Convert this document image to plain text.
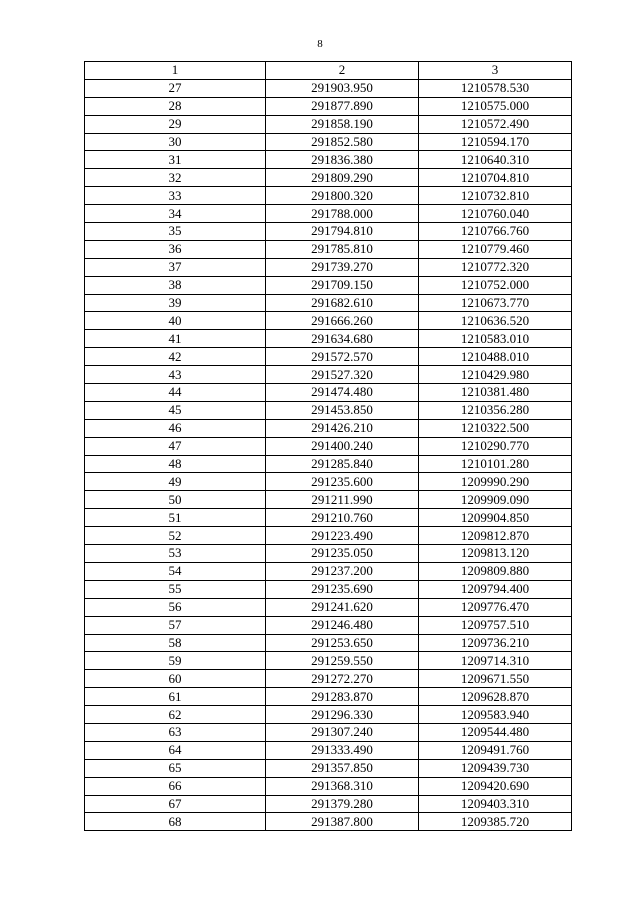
8
1	2	3
27	291903.950	1210578.530
28	291877.890	1210575.000
29	291858.190	1210572.490
30	291852.580	1210594.170
31	291836.380	1210640.310
32	291809.290	1210704.810
33	291800.320	1210732.810
34	291788.000	1210760.040
35	291794.810	1210766.760
36	291785.810	1210779.460
37	291739.270	1210772.320
38	291709.150	1210752.000
39	291682.610	1210673.770
40	291666.260	1210636.520
41	291634.680	1210583.010
42	291572.570	1210488.010
43	291527.320	1210429.980
44	291474.480	1210381.480
45	291453.850	1210356.280
46	291426.210	1210322.500
47	291400.240	1210290.770
48	291285.840	1210101.280
49	291235.600	1209990.290
50	291211.990	1209909.090
51	291210.760	1209904.850
52	291223.490	1209812.870
53	291235.050	1209813.120
54	291237.200	1209809.880
55	291235.690	1209794.400
56	291241.620	1209776.470
57	291246.480	1209757.510
58	291253.650	1209736.210
59	291259.550	1209714.310
60	291272.270	1209671.550
61	291283.870	1209628.870
62	291296.330	1209583.940
63	291307.240	1209544.480
64	291333.490	1209491.760
65	291357.850	1209439.730
66	291368.310	1209420.690
67	291379.280	1209403.310
68	291387.800	1209385.720
